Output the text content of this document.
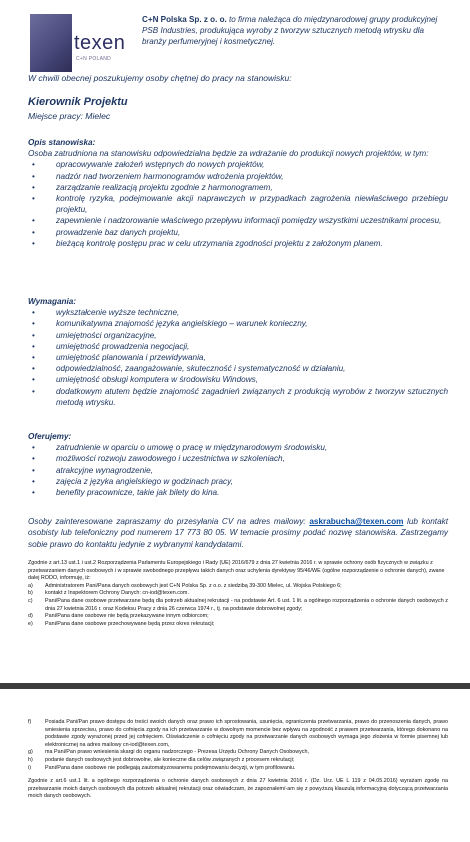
texen
C+N POLAND
C+N Polska Sp. z o. o. to firma należąca do międzynarodowej grupy produkcyjnej PSB Industries, produkująca wyroby z tworzyw sztucznych metodą wtrysku dla branży perfumeryjnej i kosmetycznej.
W chwili obecnej poszukujemy osoby chętnej do pracy na stanowisku:
Kierownik Projektu
Miejsce pracy: Mielec
Opis stanowiska:
Osoba zatrudniona na stanowisku odpowiedzialna będzie za wdrażanie do produkcji nowych projektów, w tym:
• opracowywanie założeń wstępnych do nowych projektów,
• nadzór nad tworzeniem harmonogramów wdrożenia projektów,
• zarządzanie realizacją projektu zgodnie z harmonogramem,
• kontrolę ryzyka, podejmowanie akcji naprawczych w przypadkach zagrożenia niewłaściwego przebiegu projektu,
• zapewnienie i nadzorowanie właściwego przepływu informacji pomiędzy wszystkimi uczestnikami procesu,
• prowadzenie baz danych projektu,
• bieżącą kontrolę postępu prac w celu utrzymania zgodności projektu z założonym planem.
Wymagania:
• wykształcenie wyższe techniczne,
• komunikatywna znajomość języka angielskiego – warunek konieczny,
• umiejętności organizacyjne,
• umiejętność prowadzenia negocjacji,
• umiejętność planowania i przewidywania,
• odpowiedzialność, zaangażowanie, skuteczność i systematyczność w działaniu,
• umiejętność obsługi komputera w środowisku Windows,
• dodatkowym atutem będzie znajomość zagadnień związanych z produkcją wyrobów z tworzyw sztucznych metodą wtrysku.
Oferujemy:
• zatrudnienie w oparciu o umowę o pracę w międzynarodowym środowisku,
• możliwości rozwoju zawodowego i uczestnictwa w szkoleniach,
• atrakcyjne wynagrodzenie,
• zajęcia z języka angielskiego w godzinach pracy,
• benefity pracownicze, takie jak bilety do kina.
Osoby zainteresowane zapraszamy do przesyłania CV na adres mailowy: askrabucha@texen.com lub kontakt osobisty lub telefoniczny pod numerem 17 773 80 05. W temacie prosimy podać nozwę stanowiska. Zastrzegamy sobie prawo do kontaktu jedynie z wybranymi kandydatami.
Zgodnie z art.13 ust.1 i ust.2 Rozporządzenia Parlamentu Europejskiego i Rady (UE) 2016/679 z dnia 27 kwietnia 2016 r. w sprawie ochrony osób fizycznych w związku z przetwarzaniem danych osobowych i w sprawie swobodnego przepływu takich danych oraz uchylenia dyrektywy 95/46/WE (ogólne rozporządzenie o ochronie danych), zwane dalej RODO, informuję, iż:
a) Administratorem Pani/Pana danych osobowych jest C+N Polska Sp. z o.o. z siedzibą 39-300 Mielec, ul. Wojska Polskiego 6;
b) kontakt z Inspektorem Ochrony Danych: cn-iod@texen.com.
c) Pani/Pana dane osobowe przetwarzane będą dla potrzeb aktualnej rekrutacji - na podstawie Art. 6 ust. 1 lit. a ogólnego rozporządzenia o ochronie danych osobowych z dnia 27 kwietnia 2016 r. oraz Kodeksu Pracy z dnia 26 czerwca 1974 r., tj. na podstawie dobrowolnej zgody;
d) Pani/Pana dane osobowe nie będą przekazywane innym odbiorcom;
e) Pani/Pana dane osobowe przechowywane będą przez okres rekrutacji;
f)	Posiada Pani/Pan prawo dostępu do treści swoich danych oraz prawo ich sprostowania, usunięcia, ograniczenia przetwarzania, prawo do przenoszenia danych, prawo wniesienia sprzeciwu, prawo do cofnięcia zgody na ich przetwarzanie w dowolnym momencie bez wpływu na zgodność z prawem przetwarzania, którego dokonano na podstawie zgody wyrażonej przed jej cofnięciem. Oświadczenie o cofnięciu zgody na przetwarzanie danych osobowych wymaga jego złożenia w formie pisemnej lub elektronicznej na adres mailowy cn-iod@texen.com,
g) ma Pani/Pan prawo wniesienia skargi do organu nadzorczego - Prezesa Urzędu Ochrony Danych Osobowych,
h) podanie danych osobowych jest dobrowolne, ale konieczne dla celów związanych z procesem rekrutacji;
i)	Pani/Pana dane osobowe nie podlegają zautomatyzowanemu podejmowaniu decyzji, w tym profilowaniu.
Zgodnie z art.6 ust.1 lit. a ogólnego rozporządzenia o ochronie danych osobowych z dnia 27 kwietnia 2016 r. (Dz. Urz. UE L 119 z 04.05.2016) wyrażam zgodę na przetwarzanie moich danych osobowych dla potrzeb aktualnej rekrutacji oraz oświadczam, że zapoznałem/-am się z powyższą klauzulą informacyjną dotyczącą przetwarzania moich danych osobowych.
